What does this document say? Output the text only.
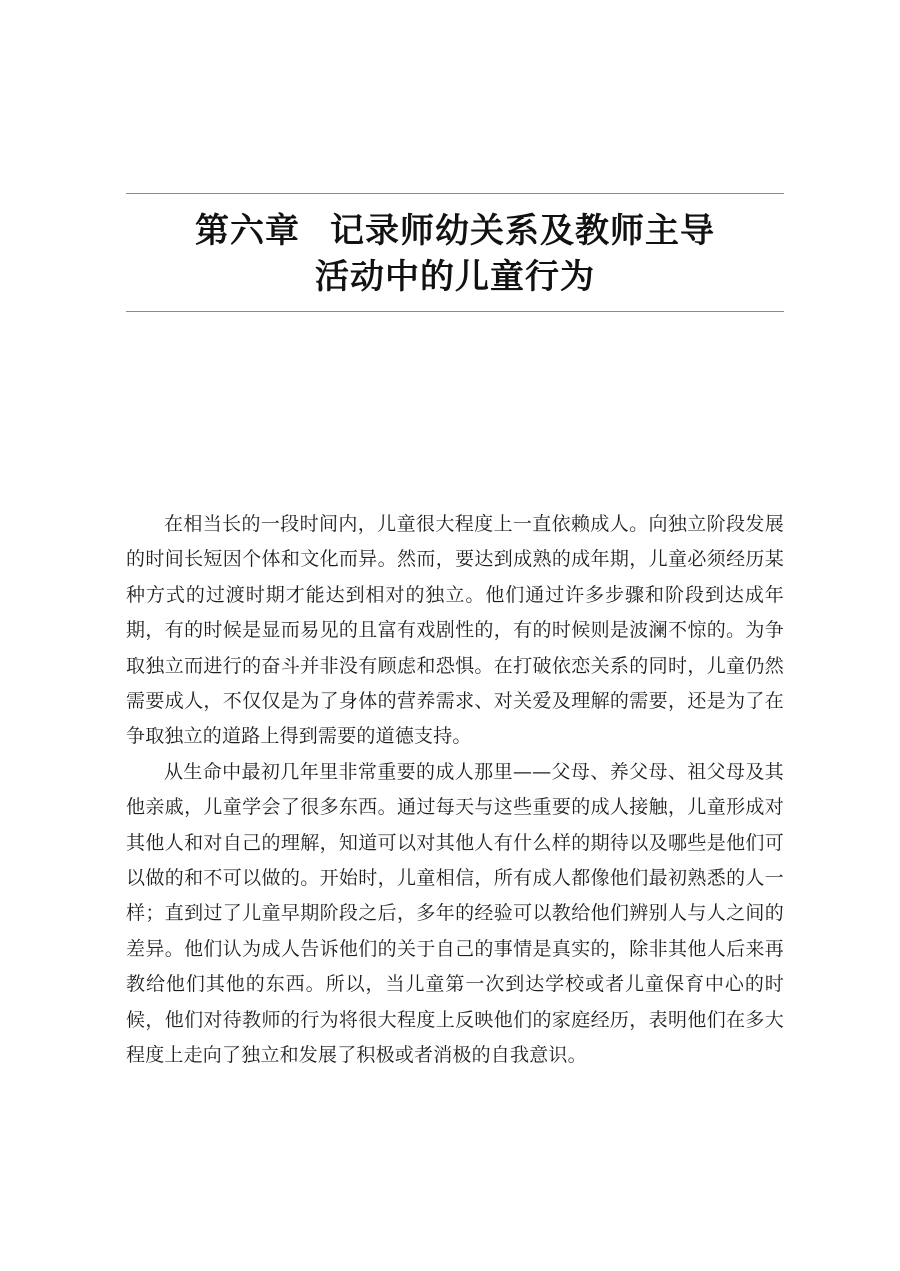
第六章 记录师幼关系及教师主导
活动中的儿童行为

在相当长的一段时间内，儿童很大程度上一直依赖成人。向独立阶段发展的时间长短因个体和文化而异。然而，要达到成熟的成年期，儿童必须经历某种方式的过渡时期才能达到相对的独立。他们通过许多步骤和阶段到达成年期，有的时候是显而易见的且富有戏剧性的，有的时候则是波澜不惊的。为争取独立而进行的奋斗并非没有顾虑和恐惧。在打破依恋关系的同时，儿童仍然需要成人，不仅仅是为了身体的营养需求、对关爱及理解的需要，还是为了在争取独立的道路上得到需要的道德支持。

从生命中最初几年里非常重要的成人那里——父母、养父母、祖父母及其他亲戚，儿童学会了很多东西。通过每天与这些重要的成人接触，儿童形成对其他人和对自己的理解，知道可以对其他人有什么样的期待以及哪些是他们可以做的和不可以做的。开始时，儿童相信，所有成人都像他们最初熟悉的人一样；直到过了儿童早期阶段之后，多年的经验可以教给他们辨别人与人之间的差异。他们认为成人告诉他们的关于自己的事情是真实的，除非其他人后来再教给他们其他的东西。所以，当儿童第一次到达学校或者儿童保育中心的时候，他们对待教师的行为将很大程度上反映他们的家庭经历，表明他们在多大程度上走向了独立和发展了积极或者消极的自我意识。
